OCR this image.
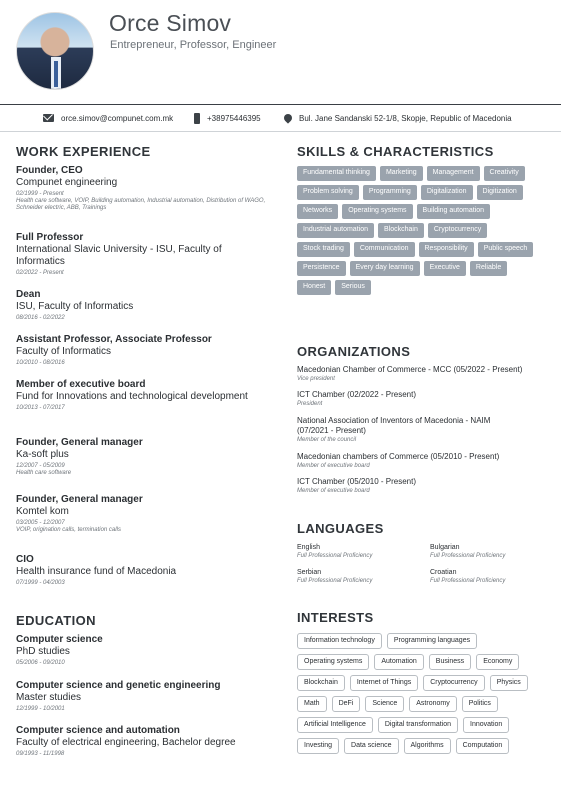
Orce Simov
Entrepreneur, Professor, Engineer
orce.simov@compunet.com.mk	+38975446395	Bul. Jane Sandanski 52-1/8, Skopje, Republic of Macedonia
WORK EXPERIENCE
Founder, CEO
Compunet engineering
02/1999 - Present
Health care software, VOIP, Building automation, Industrial automation, Distribution of WAGO, Schneider electric, ABB, Trainings
Full Professor
International Slavic University - ISU, Faculty of Informatics
02/2022 - Present
Dean
ISU, Faculty of Informatics
08/2016 - 02/2022
Assistant Professor, Associate Professor
Faculty of Informatics
10/2010 - 08/2016
Member of executive board
Fund for Innovations and technological development
10/2013 - 07/2017
Founder, General manager
Ka-soft plus
12/2007 - 05/2009
Health care software
Founder, General manager
Komtel kom
03/2005 - 12/2007
VOIP, origination calls, termination calls
CIO
Health insurance fund of Macedonia
07/1999 - 04/2003
EDUCATION
Computer science
PhD studies
05/2006 - 09/2010
Computer science and genetic engineering
Master studies
12/1999 - 10/2001
Computer science and automation
Faculty of electrical engineering, Bachelor degree
09/1993 - 11/1998
SKILLS & CHARACTERISTICS
Fundamental thinking	Marketing	Management	Creativity
Problem solving	Programming	Digitalization	Digitization
Networks	Operating systems	Building automation
Industrial automation	Blockchain	Cryptocurrency
Stock trading	Communication	Responsibility	Public speech
Persistence	Every day learning	Executive	Reliable
Honest	Serious
ORGANIZATIONS
Macedonian Chamber of Commerce - MCC (05/2022 - Present)
Vice president
ICT Chamber (02/2022 - Present)
President
National Association of Inventors of Macedonia - NAIM (07/2021 - Present)
Member of the council
Macedonian chambers of Commerce (05/2010 - Present)
Member of executive board
ICT Chamber (05/2010 - Present)
Member of executive board
LANGUAGES
English
Full Professional Proficiency
Bulgarian
Full Professional Proficiency
Serbian
Full Professional Proficiency
Croatian
Full Professional Proficiency
INTERESTS
Information technology	Programming languages
Operating systems	Automation	Business	Economy
Blockchain	Internet of Things	Cryptocurrency	Physics
Math	DeFi	Science	Astronomy	Politics
Artificial Intelligence	Digital transformation	Innovation
Investing	Data science	Algorithms	Computation
